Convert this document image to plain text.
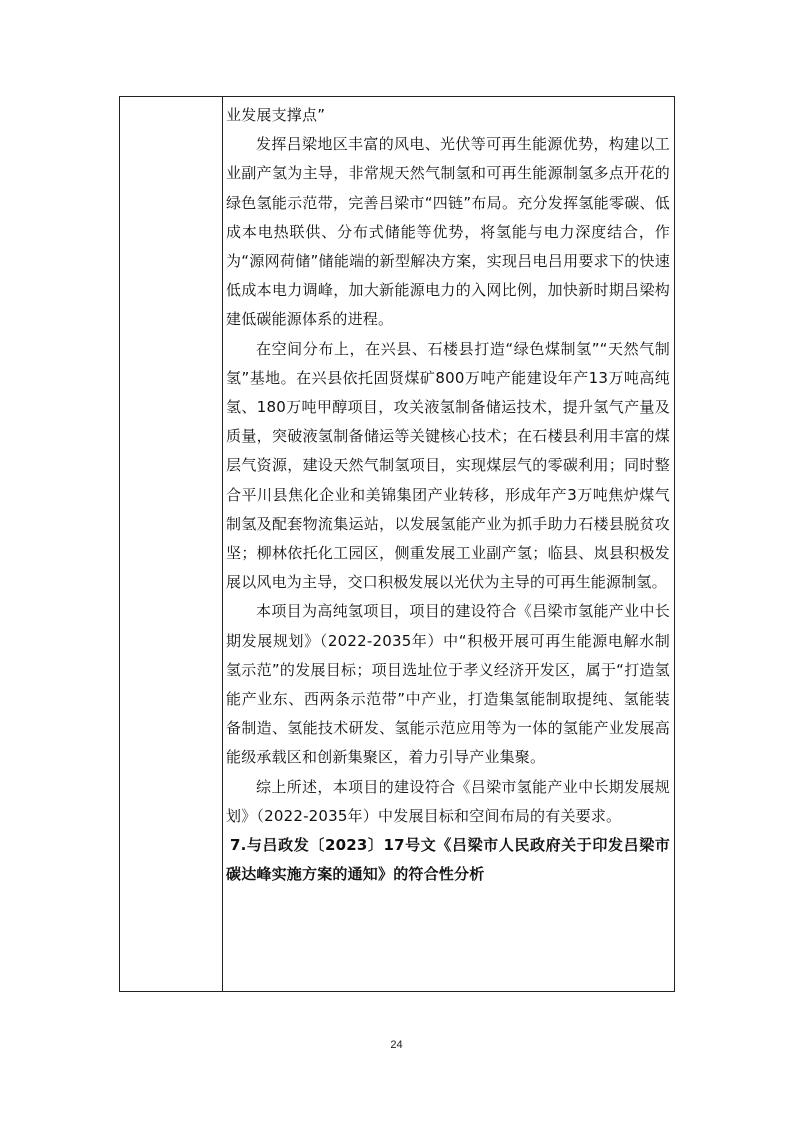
业发展支撑点”

发挥吕梁地区丰富的风电、光伏等可再生能源优势，构建以工业副产氢为主导，非常规天然气制氢和可再生能源制氢多点开花的绿色氢能示范带，完善吕梁市“四链”布局。充分发挥氢能零碳、低成本电热联供、分布式储能等优势，将氢能与电力深度结合，作为“源网荷储”储能端的新型解决方案，实现吕电吕用要求下的快速低成本电力调峰，加大新能源电力的入网比例，加快新时期吕梁构建低碳能源体系的进程。

在空间分布上，在兴县、石楼县打造“绿色煤制氢”“天然气制氢”基地。在兴县依托固贤煤矿800万吨产能建设年产13万吨高纯氢、180万吨甲醇项目，攻关液氢制备储运技术，提升氢气产量及质量，突破液氢制备储运等关键核心技术；在石楼县利用丰富的煤层气资源，建设天然气制氢项目，实现煤层气的零碳利用；同时整合平川县焦化企业和美锦集团产业转移，形成年产3万吨焦炉煤气制氢及配套物流集运站，以发展氢能产业为抓手助力石楼县脱贫攻坚；柳林依托化工园区，侧重发展工业副产氢；临县、岚县积极发展以风电为主导，交口积极发展以光伏为主导的可再生能源制氢。

本项目为高纯氢项目，项目的建设符合《吕梁市氢能产业中长期发展规划》（2022-2035年）中“积极开展可再生能源电解水制氢示范”的发展目标；项目选址位于孝义经济开发区，属于“打造氢能产业东、西两条示范带”中产业，打造集氢能制取提纯、氢能装备制造、氢能技术研发、氢能示范应用等为一体的氢能产业发展高能级承载区和创新集聚区，着力引导产业集聚。

综上所述，本项目的建设符合《吕梁市氢能产业中长期发展规划》（2022-2035年）中发展目标和空间布局的有关要求。

7.与吕政发〔2023〕17号文《吕梁市人民政府关于印发吕梁市碳达峰实施方案的通知》的符合性分析

24
